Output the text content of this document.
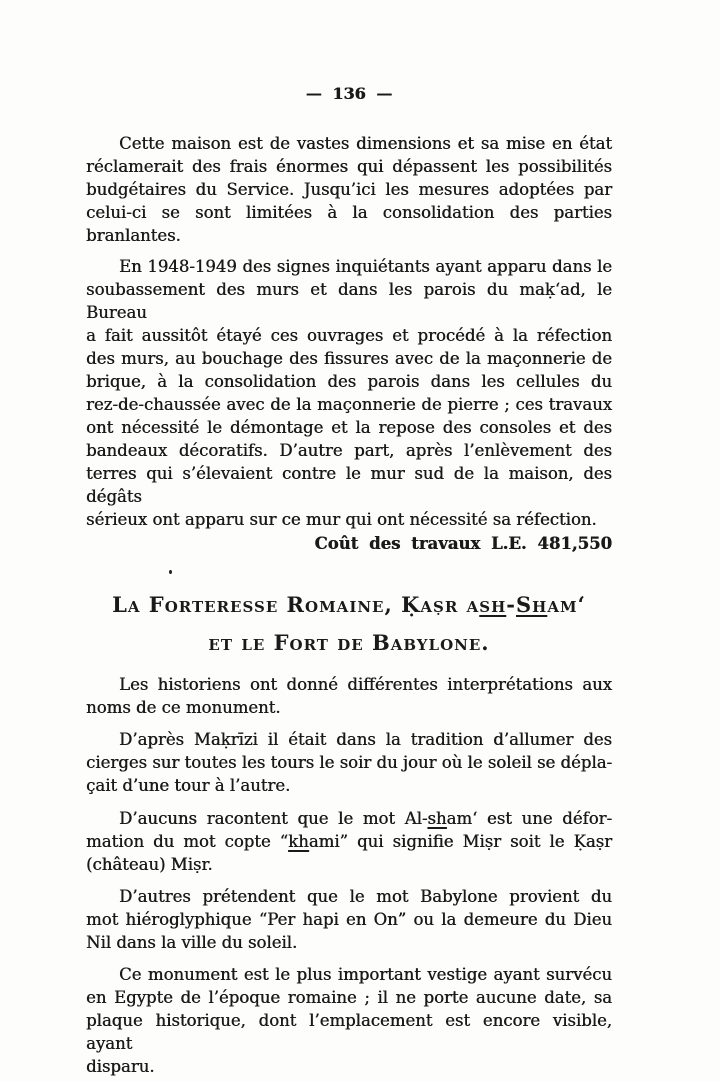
— 136 —
Cette maison est de vastes dimensions et sa mise en état
réclamerait des frais énormes qui dépassent les possibilités
budgétaires du Service. Jusqu’ici les mesures adoptées par
celui-ci se sont limitées à la consolidation des parties
branlantes.
En 1948-1949 des signes inquiétants ayant apparu dans le
soubassement des murs et dans les parois du maḳ‘ad, le Bureau
a fait aussitôt étayé ces ouvrages et procédé à la réfection
des murs, au bouchage des fissures avec de la maçonnerie de
brique, à la consolidation des parois dans les cellules du
rez-de-chaussée avec de la maçonnerie de pierre ; ces travaux
ont nécessité le démontage et la repose des consoles et des
bandeaux décoratifs. D’autre part, après l’enlèvement des
terres qui s’élevaient contre le mur sud de la maison, des dégâts
sérieux ont apparu sur ce mur qui ont nécessité sa réfection.
Coût des travaux L.E. 481,550
La Forteresse Romaine, Ḳaṣr ash-Sham‘
et le Fort de Babylone.
Les historiens ont donné différentes interprétations aux
noms de ce monument.
D’après Maḳrīzi il était dans la tradition d’allumer des
cierges sur toutes les tours le soir du jour où le soleil se dépla-
çait d’une tour à l’autre.
D’aucuns racontent que le mot Al-sham‘ est une défor-
mation du mot copte “khami” qui signifie Miṣr soit le Ḳaṣr
(château) Miṣr.
D’autres prétendent que le mot Babylone provient du
mot hiéroglyphique “Per hapi en On” ou la demeure du Dieu
Nil dans la ville du soleil.
Ce monument est le plus important vestige ayant survécu
en Egypte de l’époque romaine ; il ne porte aucune date, sa
plaque historique, dont l’emplacement est encore visible, ayant
disparu.
